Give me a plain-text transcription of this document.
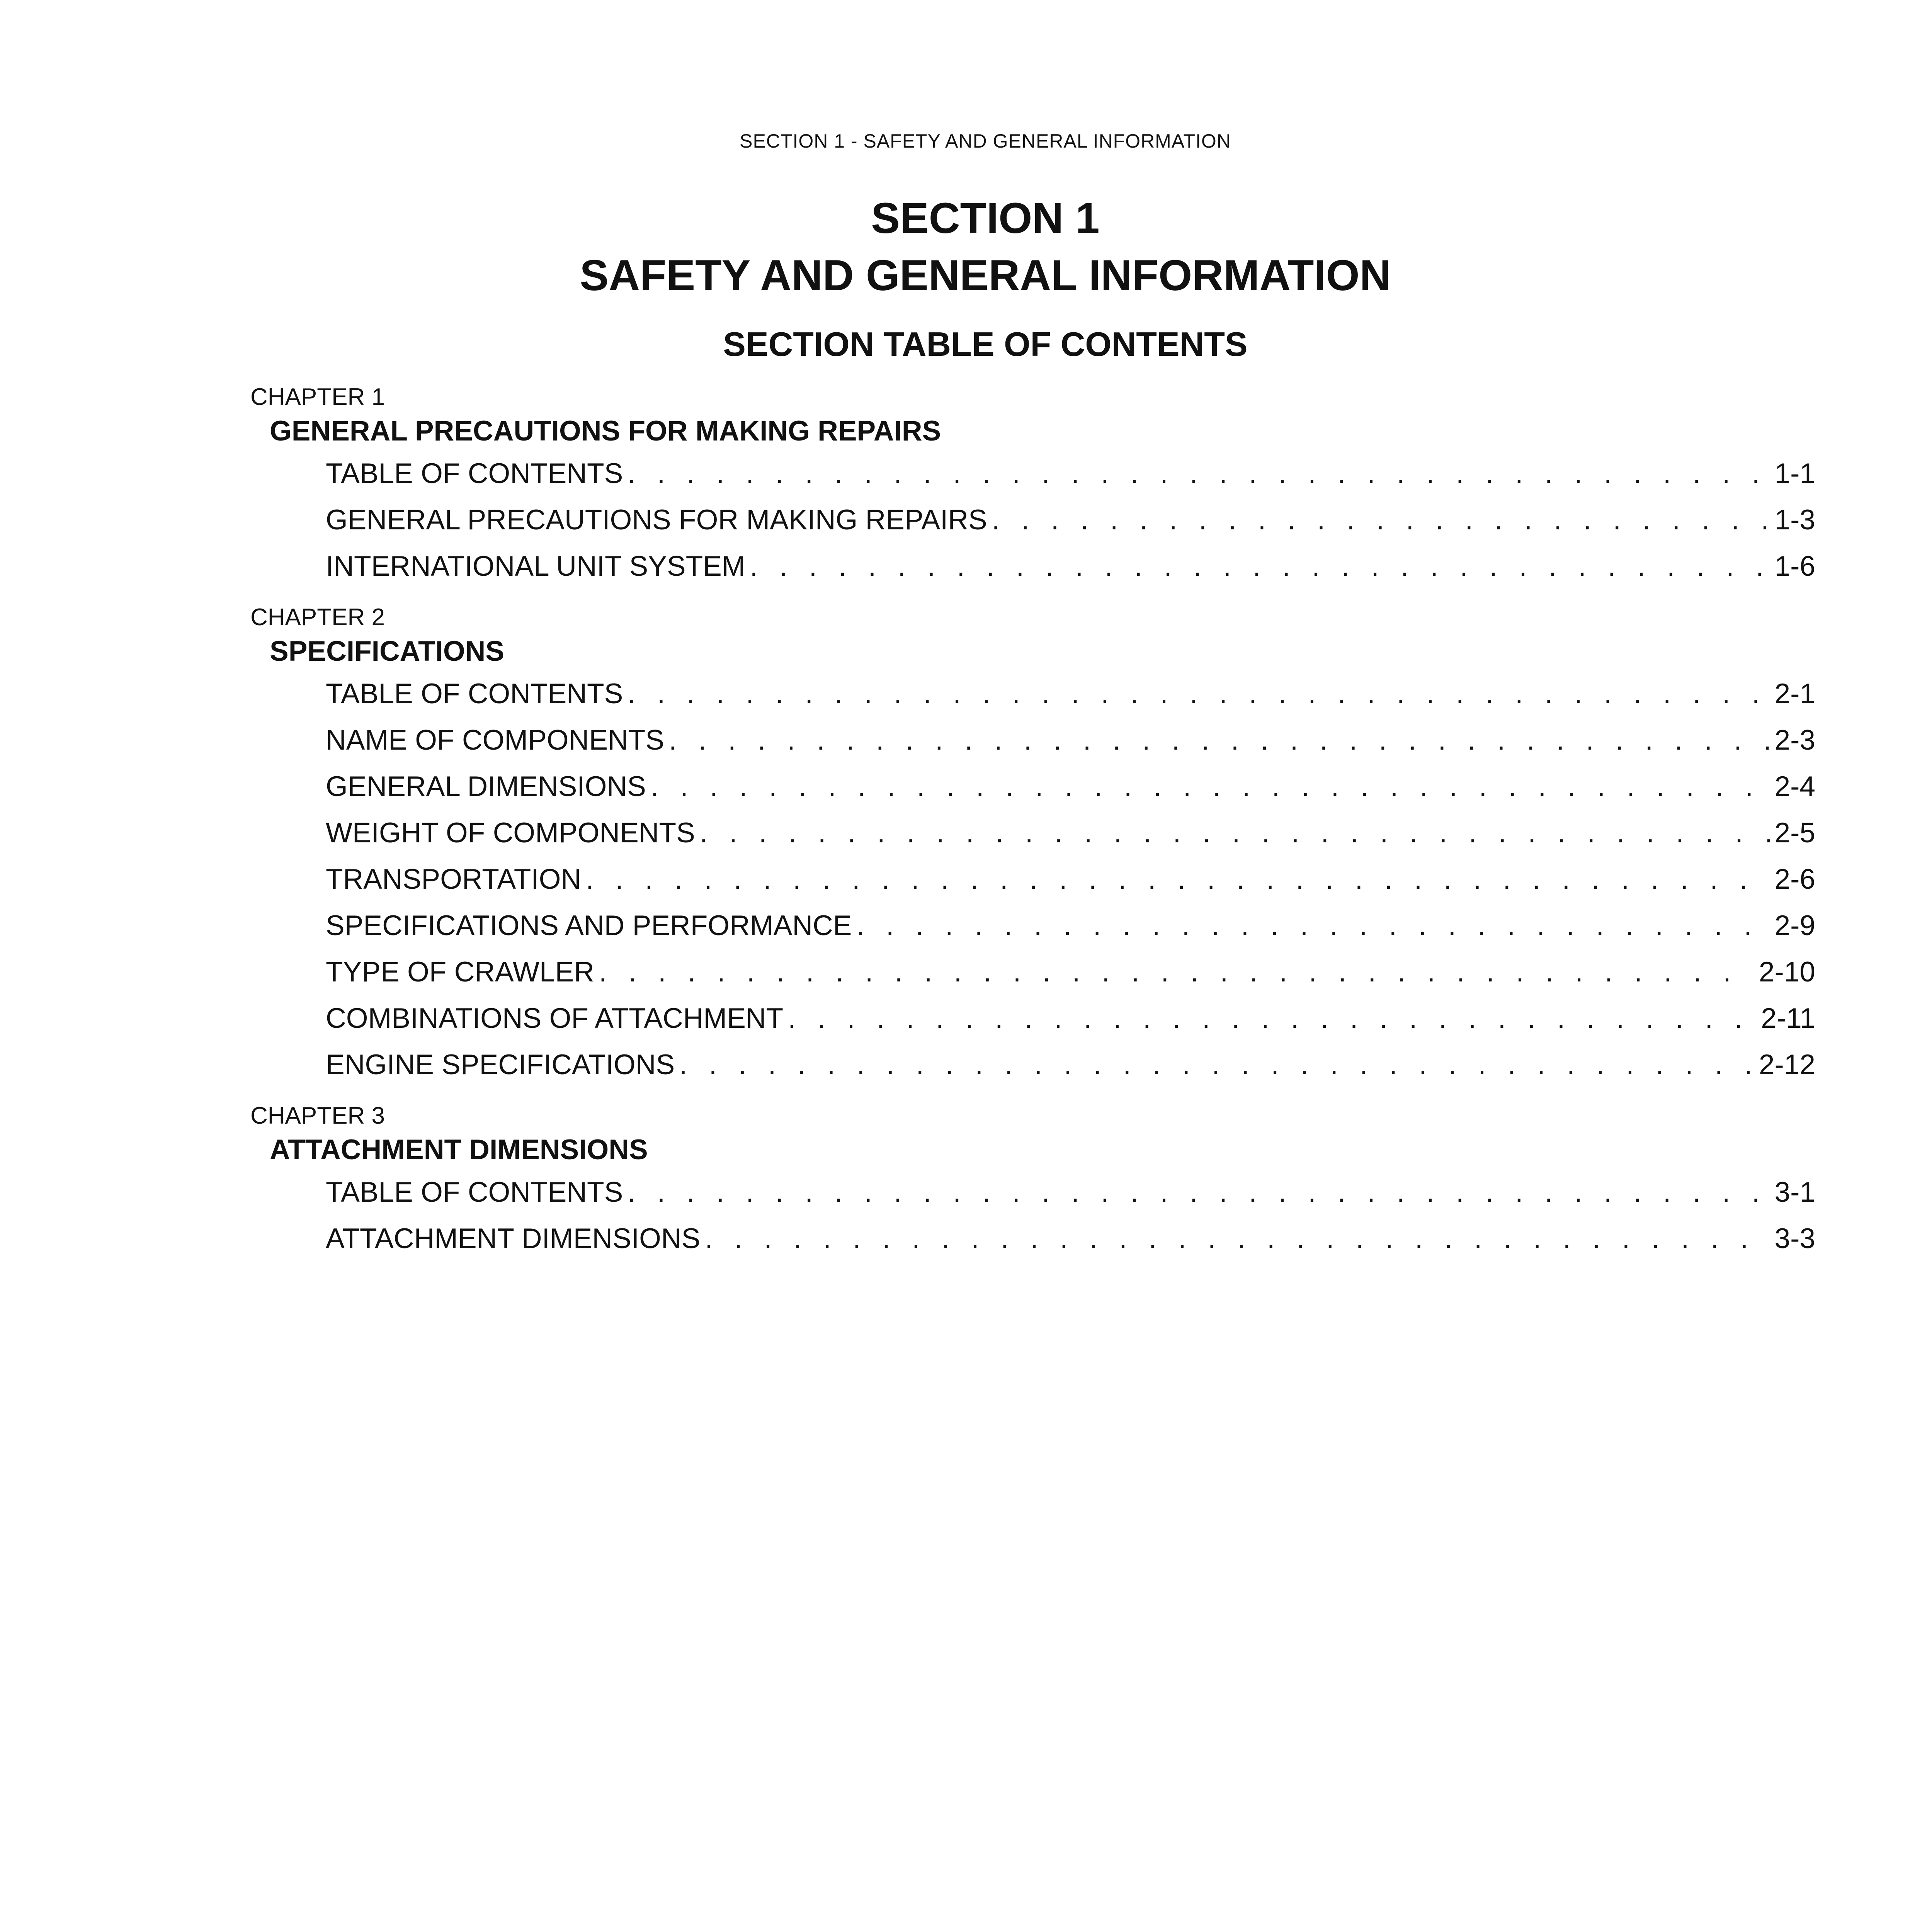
SECTION 1 - SAFETY AND GENERAL INFORMATION
SECTION 1
SAFETY AND GENERAL INFORMATION
SECTION TABLE OF CONTENTS
CHAPTER 1
GENERAL PRECAUTIONS FOR MAKING REPAIRS
TABLE OF CONTENTS . . .	1-1
GENERAL PRECAUTIONS FOR MAKING REPAIRS . . .	1-3
INTERNATIONAL UNIT SYSTEM . . .	1-6
CHAPTER 2
SPECIFICATIONS
TABLE OF CONTENTS . . .	2-1
NAME OF COMPONENTS . . .	2-3
GENERAL DIMENSIONS . . .	2-4
WEIGHT OF COMPONENTS . . .	2-5
TRANSPORTATION . . .	2-6
SPECIFICATIONS AND PERFORMANCE . . .	2-9
TYPE OF CRAWLER . . .	2-10
COMBINATIONS OF ATTACHMENT . . .	2-11
ENGINE SPECIFICATIONS . . .	2-12
CHAPTER 3
ATTACHMENT DIMENSIONS
TABLE OF CONTENTS . . .	3-1
ATTACHMENT DIMENSIONS . . .	3-3
